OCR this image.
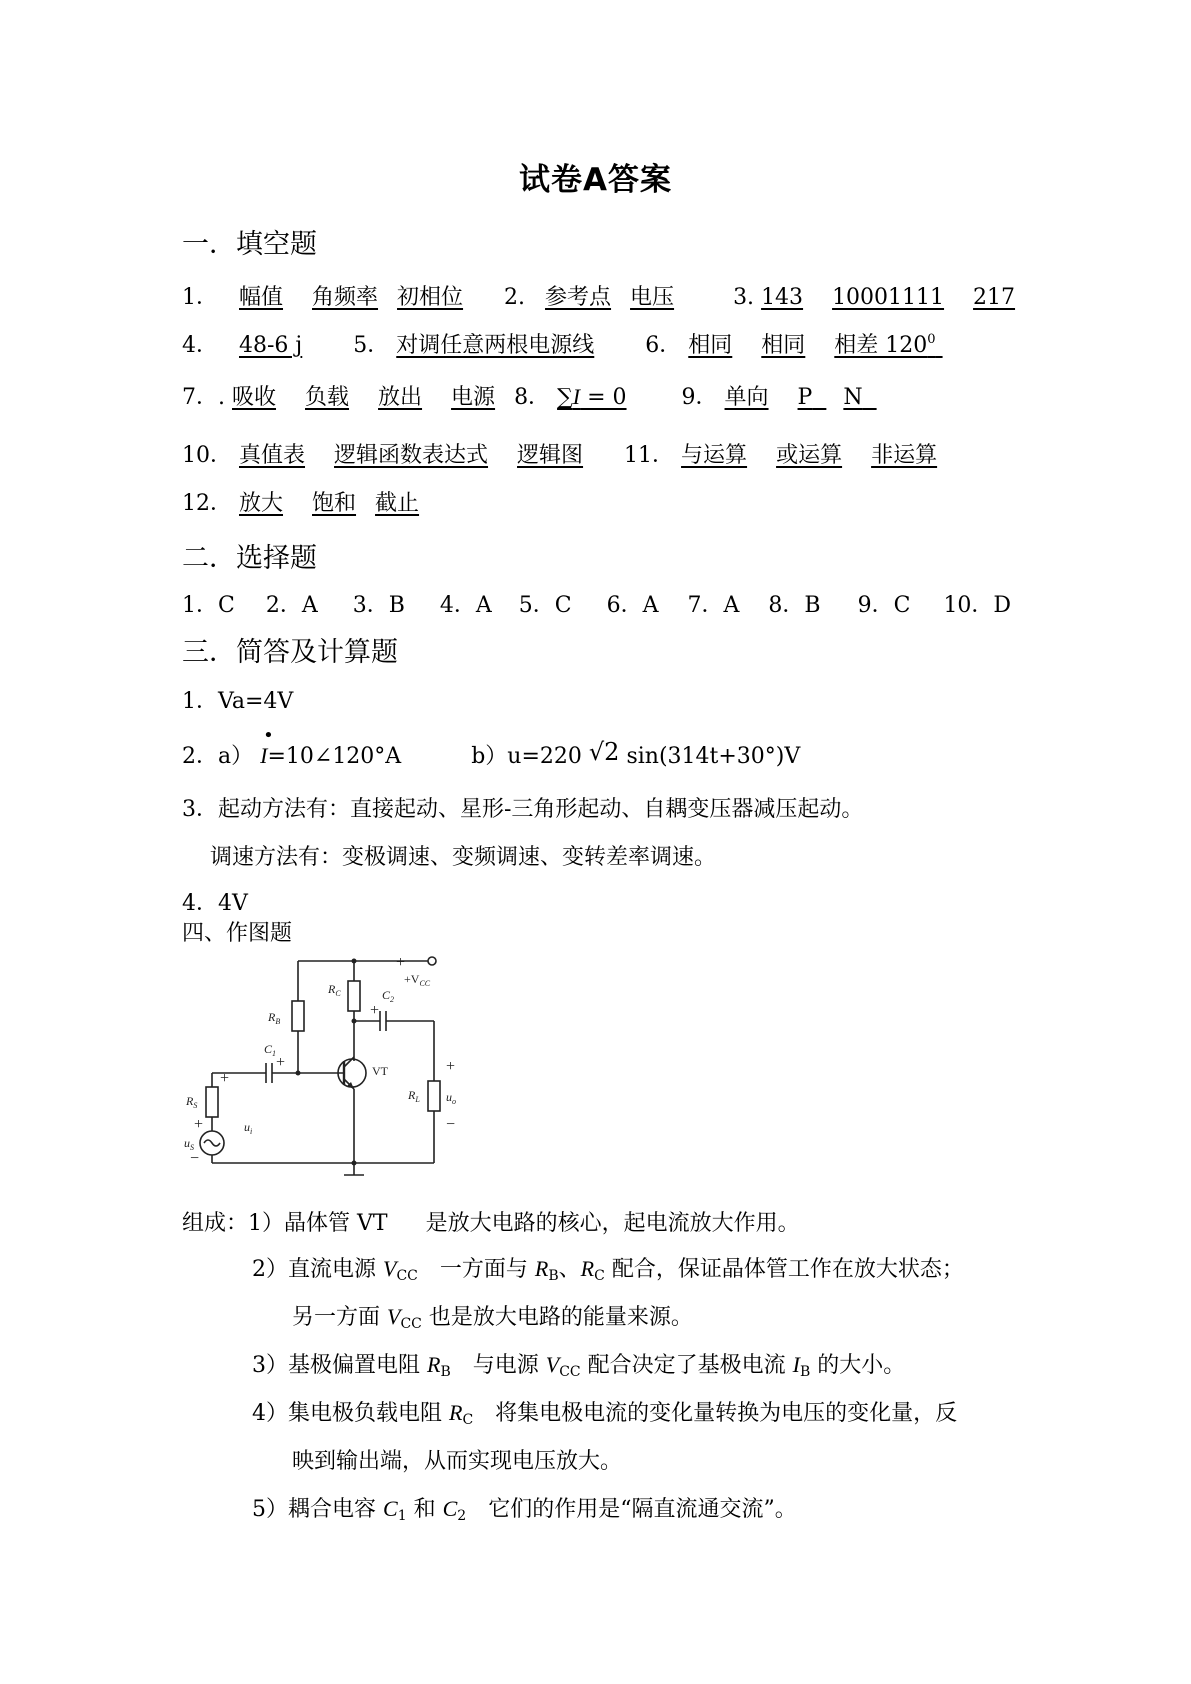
试卷A答案
一．填空题
1． 幅值 角频率 初相位 2.  参考点 电压	3. 143 10001111 217
4． 48-6 j 5． 对调任意两根电源线 6． 相同 相同 相差 $120^0$
7．. 吸收 负载 放出 电源 8． ∑I = 0	9． 单向 P N
10． 真值表 逻辑函数表达式 逻辑图 11． 与运算 或运算 非运算
12． 放大 饱和 截止
二．选择题
1．C 2．A 3．B 4．A 5．C 6．A 7．A 8．B 9．C 10．D
三．简答及计算题
1．Va=4V
2．a）
•
I=10∠120°A	b）u=220 √2 sin(314t+30°)V
3．起动方法有：直接起动、星形-三角形起动、自耦变压器减压起动。
调速方法有：变极调速、变频调速、变转差率调速。
4．4V
四、作图题
$+V_{CC}$
$R_B$
$R_C$	$C_2$
$C_1$
VT
$R_S$
$R_L$
$u_i$
$u_o$
$u_S$
+
+
+
+
+
−
+
−
组成：1）晶体管 VT 是放大电路的核心，起电流放大作用。
2）直流电源 $V_{CC}$ 一方面与 $R_B$、$R_C$ 配合，保证晶体管工作在放大状态；
另一方面 $V_{CC}$ 也是放大电路的能量来源。
3）基极偏置电阻 $R_B$ 与电源 $V_{CC}$ 配合决定了基极电流 $I_B$ 的大小。
4）集电极负载电阻 $R_C$ 将集电极电流的变化量转换为电压的变化量，反
映到输出端，从而实现电压放大。
5）耦合电容 $C_1$ 和 $C_2$ 它们的作用是“隔直流通交流”。
